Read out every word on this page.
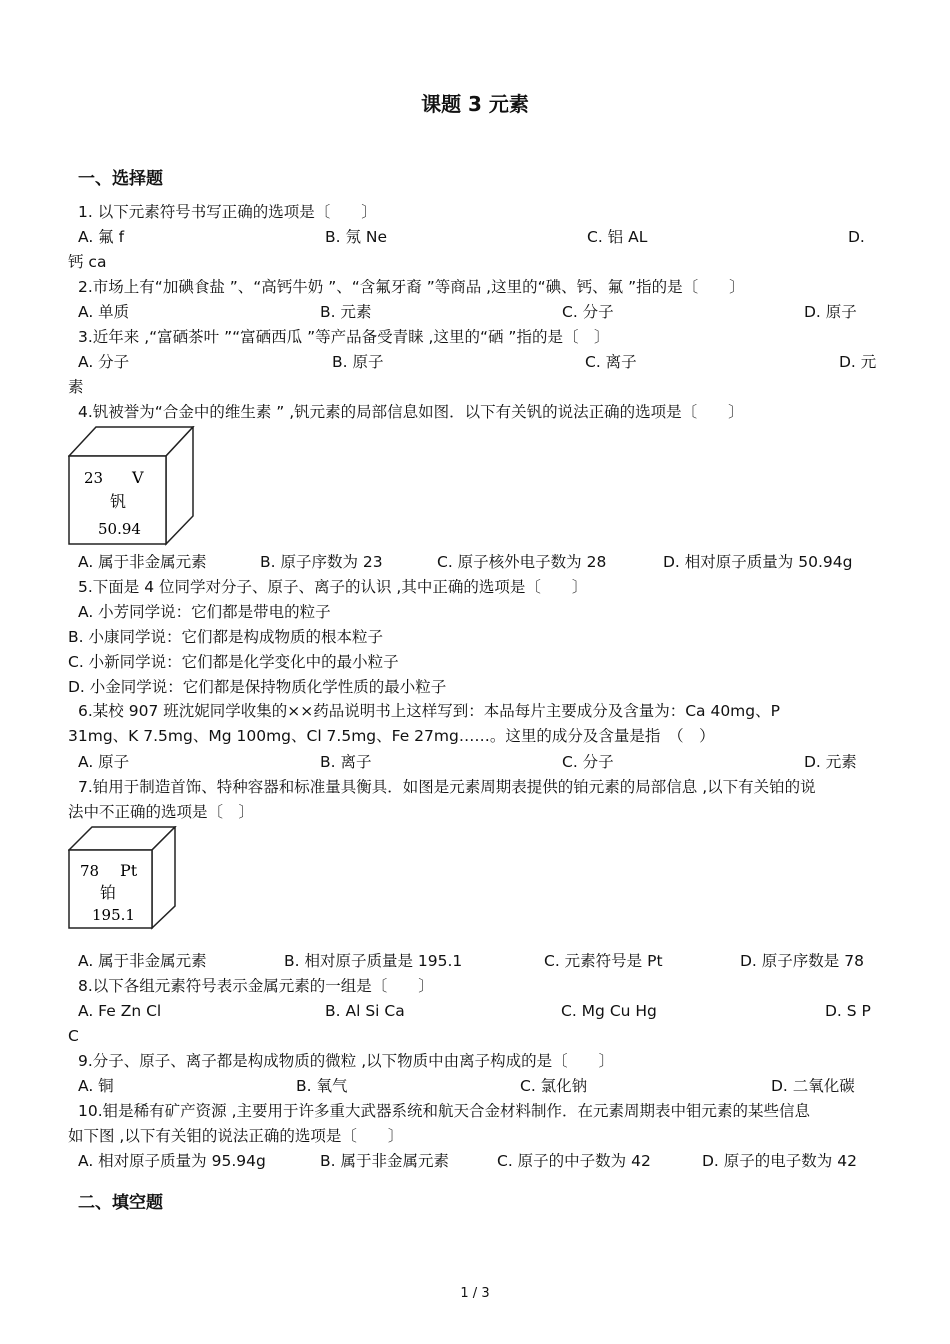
课题 3 元素
一、选择题
1. 以下元素符号书写正确的选项是〔　　〕
A. 氟 f	B. 氖 Ne	C. 铝 AL	D.
钙 ca
2.市场上有“加碘食盐 ”、“高钙牛奶 ”、“含氟牙裔 ”等商品 ,这里的“碘、钙、氟 ”指的是〔　　〕
A. 单质	B. 元素	C. 分子	D. 原子
3.近年来 ,“富硒茶叶 ”“富硒西瓜 ”等产品备受青睐 ,这里的“硒 ”指的是〔　〕
A. 分子	B. 原子	C. 离子	D. 元
素
4.钒被誉为“合金中的维生素 ” ,钒元素的局部信息如图．以下有关钒的说法正确的选项是〔　　〕
23 V
钒
50.94
A. 属于非金属元素	B. 原子序数为 23	C. 原子核外电子数为 28	D. 相对原子质量为 50.94g
5.下面是 4 位同学对分子、原子、离子的认识 ,其中正确的选项是〔　　〕
A. 小芳同学说：它们都是带电的粒子
B. 小康同学说：它们都是构成物质的根本粒子
C. 小新同学说：它们都是化学变化中的最小粒子
D. 小金同学说：它们都是保持物质化学性质的最小粒子
6.某校 907 班沈妮同学收集的××药品说明书上这样写到：本品每片主要成分及含量为：Ca 40mg、P
31mg、K 7.5mg、Mg 100mg、Cl 7.5mg、Fe 27mg……。这里的成分及含量是指　（　）
A. 原子	B. 离子	C. 分子	D. 元素
7.铂用于制造首饰、特种容器和标准量具衡具．如图是元素周期表提供的铂元素的局部信息 ,以下有关铂的说
法中不正确的选项是〔　〕
78 Pt
铂
195.1
A. 属于非金属元素	B. 相对原子质量是 195.1	C. 元素符号是 Pt	D. 原子序数是 78
8.以下各组元素符号表示金属元素的一组是〔　　〕
A. Fe Zn Cl	B. Al Si Ca	C. Mg Cu Hg	D. S P
C
9.分子、原子、离子都是构成物质的微粒 ,以下物质中由离子构成的是〔　　〕
A. 铜	B. 氧气	C. 氯化钠	D. 二氧化碳
10.钼是稀有矿产资源 ,主要用于许多重大武器系统和航天合金材料制作．在元素周期表中钼元素的某些信息
如下图 ,以下有关钼的说法正确的选项是〔　　〕
A. 相对原子质量为 95.94g	B. 属于非金属元素	C. 原子的中子数为 42	D. 原子的电子数为 42
二、填空题
1 / 3
